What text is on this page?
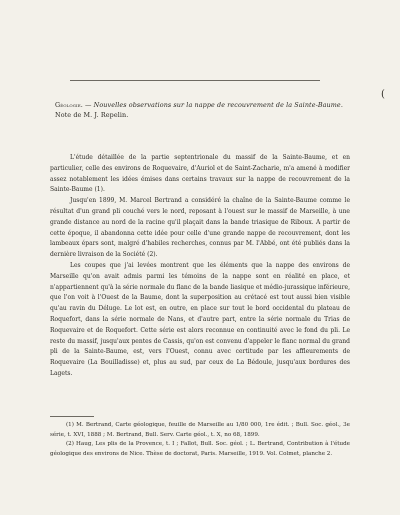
(
Géologie. — Nouvelles observations sur la nappe de recouvrement de la Sainte-Baume. Note de M. J. Repelin.

L'étude détaillée de la partie septentrionale du massif de la Sainte-Baume, et en particulier, celle des environs de Roquevaire, d'Auriol et de Saint-Zacharie, m'a amené à modifier assez notablement les idées émises dans certains travaux sur la nappe de recouvrement de la Sainte-Baume (1).

Jusqu'en 1899, M. Marcel Bertrand a considéré la chaîne de la Sainte-Baume comme le résultat d'un grand pli couché vers le nord, reposant à l'ouest sur le massif de Marseille, à une grande distance au nord de la racine qu'il plaçait dans la bande triasique de Riboux. A partir de cette époque, il abandonna cette idée pour celle d'une grande nappe de recouvrement, dont les lambeaux épars sont, malgré d'habiles recherches, connus par M. l'Abbé, ont été publiés dans la dernière livraison de la Société (2).

Les coupes que j'ai levées montrent que les éléments que la nappe des environs de Marseille qu'on avait admis parmi les témoins de la nappe sont en réalité en place, et n'appartiennent qu'à la série normale du flanc de la bande liasique et médio-jurassique inférieure, que l'on voit à l'Ouest de la Baume, dont la superposition au crétacé est tout aussi bien visible qu'au ravin du Déluge. Le lot est, en outre, en place sur tout le bord occidental du plateau de Roquefort, dans la série normale de Nans, et d'autre part, entre la série normale du Trias de Roquevaire et de Roquefort. Cette série est alors reconnue en continuité avec le fond du pli. Le reste du massif, jusqu'aux pentes de Cassis, qu'on est convenu d'appeler le flanc normal du grand pli de la Sainte-Baume, est, vers l'Ouest, connu avec certitude par les affleurements de Roquevaire (La Bouilladisse) et, plus au sud, par ceux de La Bédoule, jusqu'aux bordures des Lagets.

(1) M. Bertrand, Carte géologique, feuille de Marseille au 1/80 000, 1re édit. ; Bull. Soc. géol., 3e série, t. XVI, 1888 ; M. Bertrand, Bull. Serv. Carte géol., t. X, no 68, 1899.

(2) Haug, Les plis de la Provence, t. I ; Fallot, Bull. Soc. géol. ; L. Bertrand, Contribution à l'étude géologique des environs de Nice. Thèse de doctorat, Paris. Marseille, 1919. Vol. Colmet, planche 2.
